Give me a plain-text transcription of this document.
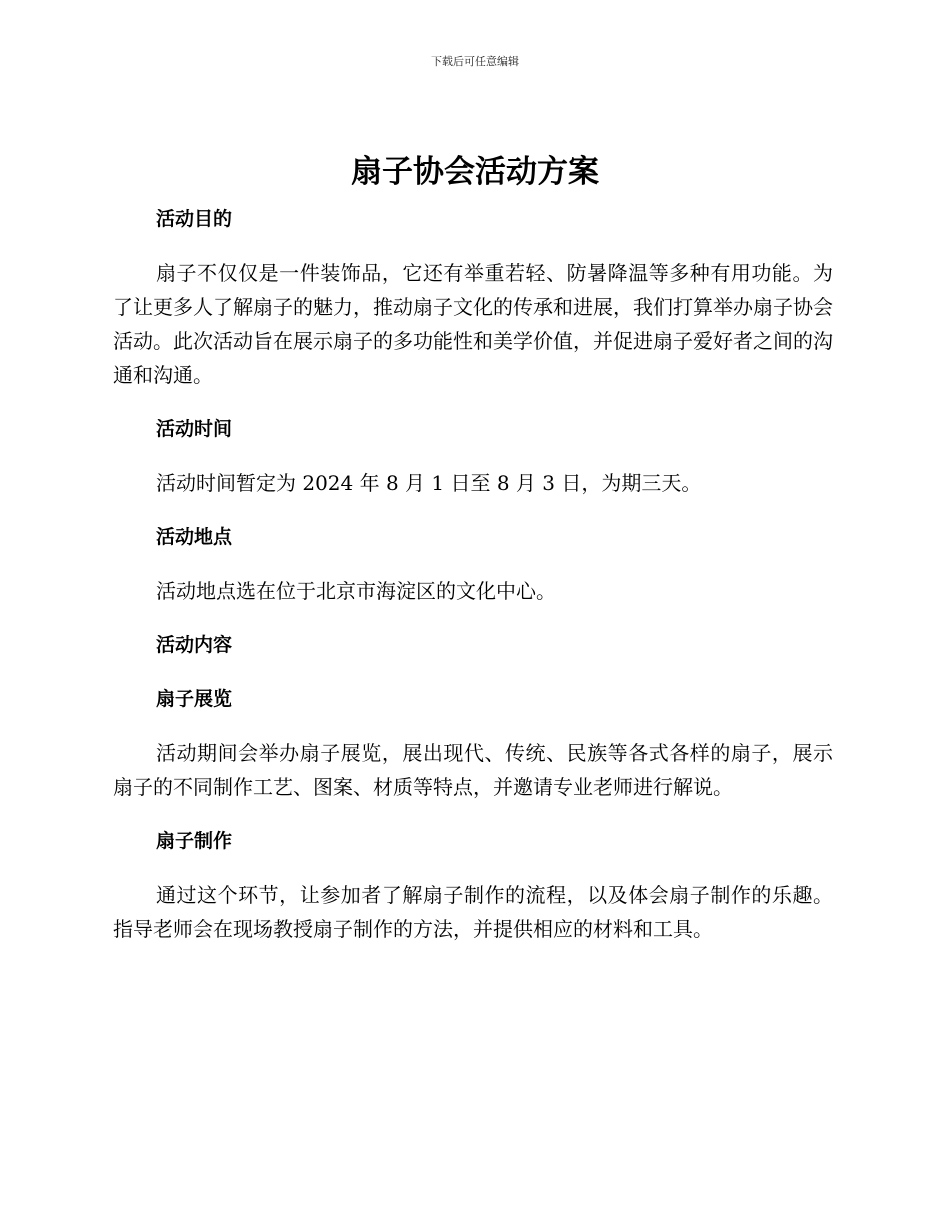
下载后可任意编辑
扇子协会活动方案
活动目的

扇子不仅仅是一件装饰品，它还有举重若轻、防暑降温等多种有用功能。为了让更多人了解扇子的魅力，推动扇子文化的传承和进展，我们打算举办扇子协会活动。此次活动旨在展示扇子的多功能性和美学价值，并促进扇子爱好者之间的沟通和沟通。

活动时间

活动时间暂定为 2024 年 8 月 1 日至 8 月 3 日，为期三天。

活动地点

活动地点选在位于北京市海淀区的文化中心。

活动内容
扇子展览

活动期间会举办扇子展览，展出现代、传统、民族等各式各样的扇子，展示扇子的不同制作工艺、图案、材质等特点，并邀请专业老师进行解说。

扇子制作

通过这个环节，让参加者了解扇子制作的流程，以及体会扇子制作的乐趣。指导老师会在现场教授扇子制作的方法，并提供相应的材料和工具。
